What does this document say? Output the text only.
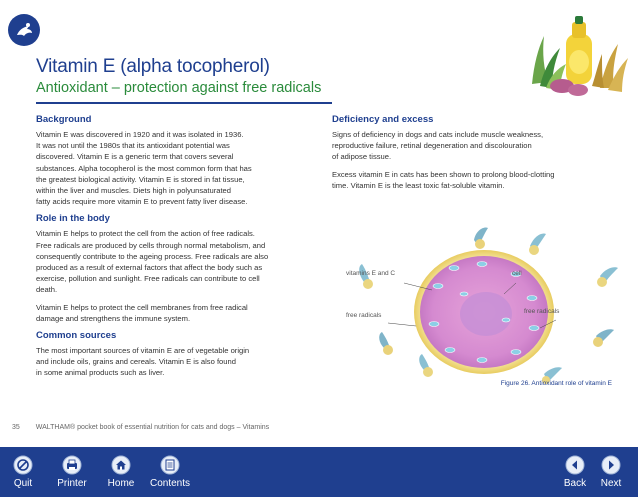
Vitamin E (alpha tocopherol)
Antioxidant – protection against free radicals
Background
Vitamin E was discovered in 1920 and it was isolated in 1936.
It was not until the 1980s that its antioxidant potential was
discovered. Vitamin E is a generic term that covers several
substances. Alpha tocopherol is the most common form that has
the greatest biological activity. Vitamin E is stored in fat tissue,
within the liver and muscles. Diets high in polyunsaturated
fatty acids require more vitamin E to prevent fatty liver disease.
Role in the body
Vitamin E helps to protect the cell from the action of free radicals.
Free radicals are produced by cells through normal metabolism, and
consequently contribute to the ageing process. Free radicals are also
produced as a result of external factors that affect the body such as
exercise, pollution and sunlight. Free radicals can contribute to cell
death.
Vitamin E helps to protect the cell membranes from free radical
damage and strengthens the immune system.
Common sources
The most important sources of vitamin E are of vegetable origin
and include oils, grains and cereals. Vitamin E is also found
in some animal products such as liver.
Deficiency and excess
Signs of deficiency in dogs and cats include muscle weakness,
reproductive failure, retinal degeneration and discolouration
of adipose tissue.
Excess vitamin E in cats has been shown to prolong blood-clotting
time. Vitamin E is the least toxic fat-soluble vitamin.
vitamins E and C	cell
free radicals
free radicals
Figure 26. Antioxidant role of vitamin E
35 WALTHAM® pocket book of essential nutrition for cats and dogs – Vitamins
Quit	Printer Home Contents	Back Next
